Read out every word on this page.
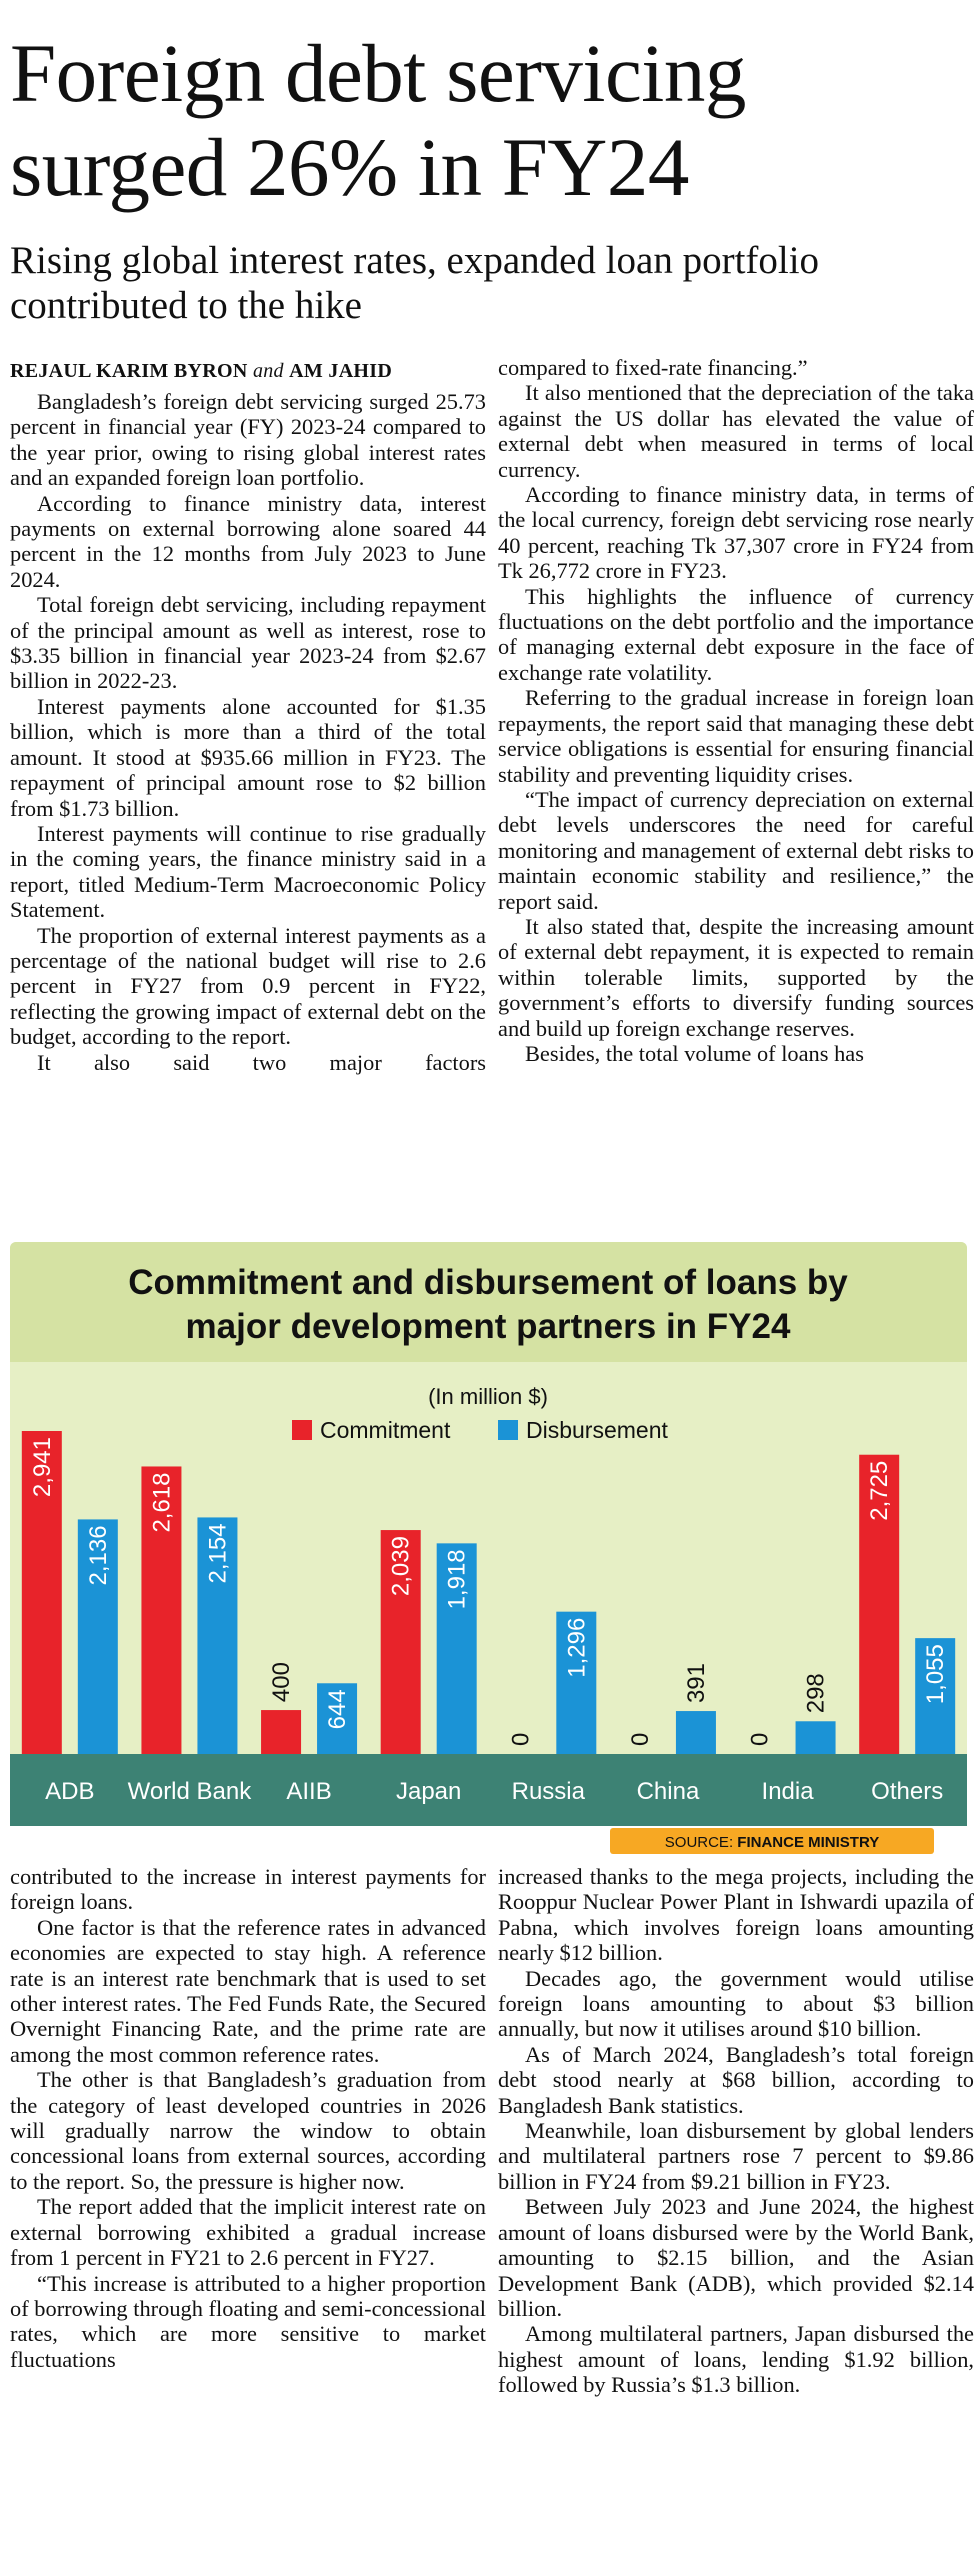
Foreign debt servicing surged 26% in FY24
Rising global interest rates, expanded loan portfolio contributed to the hike
REJAUL KARIM BYRON and AM JAHID

Bangladesh’s foreign debt servicing surged 25.73 percent in financial year (FY) 2023-24 compared to the year prior, owing to rising global interest rates and an expanded foreign loan portfolio.

According to finance ministry data, interest payments on external borrowing alone soared 44 percent in the 12 months from July 2023 to June 2024.

Total foreign debt servicing, including repayment of the principal amount as well as interest, rose to $3.35 billion in financial year 2023-24 from $2.67 billion in 2022-23.

Interest payments alone accounted for $1.35 billion, which is more than a third of the total amount. It stood at $935.66 million in FY23. The repayment of principal amount rose to $2 billion from $1.73 billion.

Interest payments will continue to rise gradually in the coming years, the finance ministry said in a report, titled Medium-Term Macroeconomic Policy Statement.

The proportion of external interest payments as a percentage of the national budget will rise to 2.6 percent in FY27 from 0.9 percent in FY22, reflecting the growing impact of external debt on the budget, according to the report.

It also said two major factors

compared to fixed-rate financing.”

It also mentioned that the depreciation of the taka against the US dollar has elevated the value of external debt when measured in terms of local currency.

According to finance ministry data, in terms of the local currency, foreign debt servicing rose nearly 40 percent, reaching Tk 37,307 crore in FY24 from Tk 26,772 crore in FY23.

This highlights the influence of currency fluctuations on the debt portfolio and the importance of managing external debt exposure in the face of exchange rate volatility.

Referring to the gradual increase in foreign loan repayments, the report said that managing these debt service obligations is essential for ensuring financial stability and preventing liquidity crises.

“The impact of currency depreciation on external debt levels underscores the need for careful monitoring and management of external debt risks to maintain economic stability and resilience,” the report said.

It also stated that, despite the increasing amount of external debt repayment, it is expected to remain within tolerable limits, supported by the government’s efforts to diversify funding sources and build up foreign exchange reserves.

Besides, the total volume of loans has

Commitment and disbursement of loans by
major development partners in FY24
(In million $)
Commitment	Disbursement
2,941
2,136
2,618
2,154
400
644
2,039 1,918
0
1,296
0
391
0
298
2,725
1,055
ADB World Bank AIIB	Japan Russia China	India Others
SOURCE: FINANCE MINISTRY

contributed to the increase in interest payments for foreign loans.

One factor is that the reference rates in advanced economies are expected to stay high. A reference rate is an interest rate benchmark that is used to set other interest rates. The Fed Funds Rate, the Secured Overnight Financing Rate, and the prime rate are among the most common reference rates.

The other is that Bangladesh’s graduation from the category of least developed countries in 2026 will gradually narrow the window to obtain concessional loans from external sources, according to the report. So, the pressure is higher now.

The report added that the implicit interest rate on external borrowing exhibited a gradual increase from 1 percent in FY21 to 2.6 percent in FY27.

“This increase is attributed to a higher proportion of borrowing through floating and semi-concessional rates, which are more sensitive to market fluctuations

increased thanks to the mega projects, including the Rooppur Nuclear Power Plant in Ishwardi upazila of Pabna, which involves foreign loans amounting nearly $12 billion.

Decades ago, the government would utilise foreign loans amounting to about $3 billion annually, but now it utilises around $10 billion.

As of March 2024, Bangladesh’s total foreign debt stood nearly at $68 billion, according to Bangladesh Bank statistics.

Meanwhile, loan disbursement by global lenders and multilateral partners rose 7 percent to $9.86 billion in FY24 from $9.21 billion in FY23.

Between July 2023 and June 2024, the highest amount of loans disbursed were by the World Bank, amounting to $2.15 billion, and the Asian Development Bank (ADB), which provided $2.14 billion.

Among multilateral partners, Japan disbursed the highest amount of loans, lending $1.92 billion, followed by Russia’s $1.3 billion.
